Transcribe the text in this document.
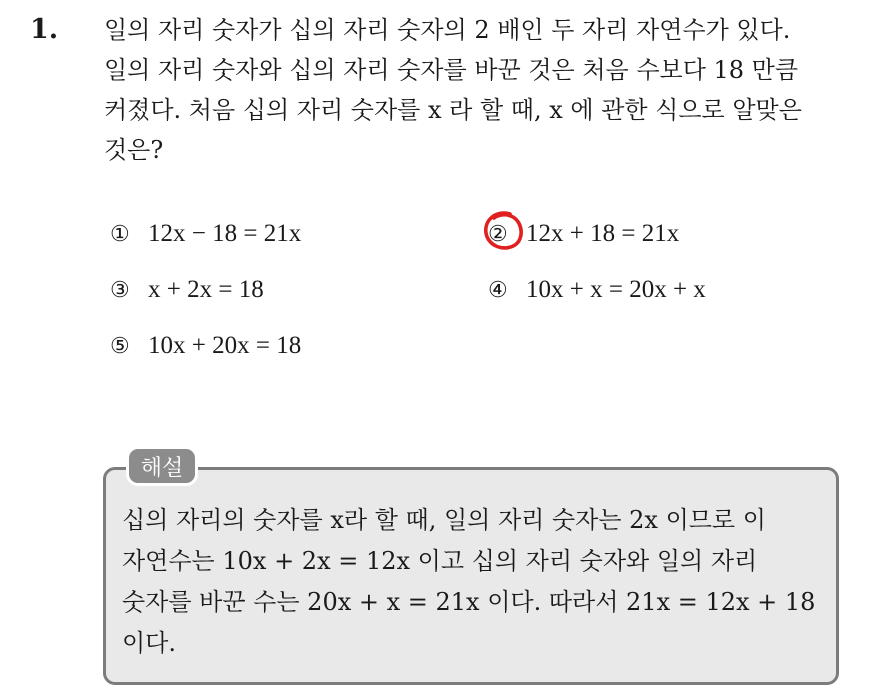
1. 일의 자리 숫자가 십의 자리 숫자의 2 배인 두 자리 자연수가 있다.
일의 자리 숫자와 십의 자리 숫자를 바꾼 것은 처음 수보다 18 만큼
커졌다. 처음 십의 자리 숫자를 x 라 할 때, x 에 관한 식으로 알맞은
것은?
① 12x − 18 = 21x	② 12x + 18 = 21x
③ x + 2x = 18	④ 10x + x = 20x + x
⑤ 10x + 20x = 18
해설
십의 자리의 숫자를 x라 할 때, 일의 자리 숫자는 2x 이므로 이
자연수는 10x + 2x = 12x 이고 십의 자리 숫자와 일의 자리
숫자를 바꾼 수는 20x + x = 21x 이다. 따라서 21x = 12x + 18
이다.
